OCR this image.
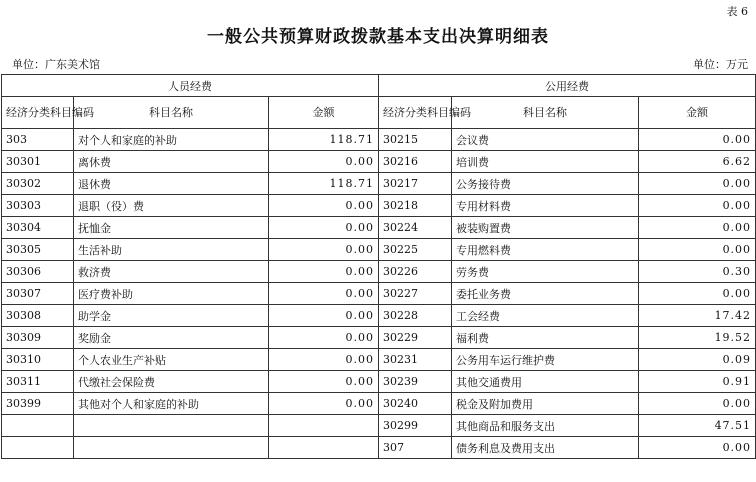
表 6
一般公共预算财政拨款基本支出决算明细表
单位：广东美术馆	单位：万元
人员经费			公用经费		
经济分类科目编码	科目名称	金额	经济分类科目编码	科目名称	金额
303	对个人和家庭的补助	118.71	30215	会议费	0.00
30301	离休费	0.00	30216	培训费	6.62
30302	退休费	118.71	30217	公务接待费	0.00
30303	退职（役）费	0.00	30218	专用材料费	0.00
30304	抚恤金	0.00	30224	被装购置费	0.00
30305	生活补助	0.00	30225	专用燃料费	0.00
30306	救济费	0.00	30226	劳务费	0.30
30307	医疗费补助	0.00	30227	委托业务费	0.00
30308	助学金	0.00	30228	工会经费	17.42
30309	奖励金	0.00	30229	福利费	19.52
30310	个人农业生产补贴	0.00	30231	公务用车运行维护费	0.09
30311	代缴社会保险费	0.00	30239	其他交通费用	0.91
30399	其他对个人和家庭的补助	0.00	30240	税金及附加费用	0.00
			30299	其他商品和服务支出	47.51
			307	债务利息及费用支出	0.00
